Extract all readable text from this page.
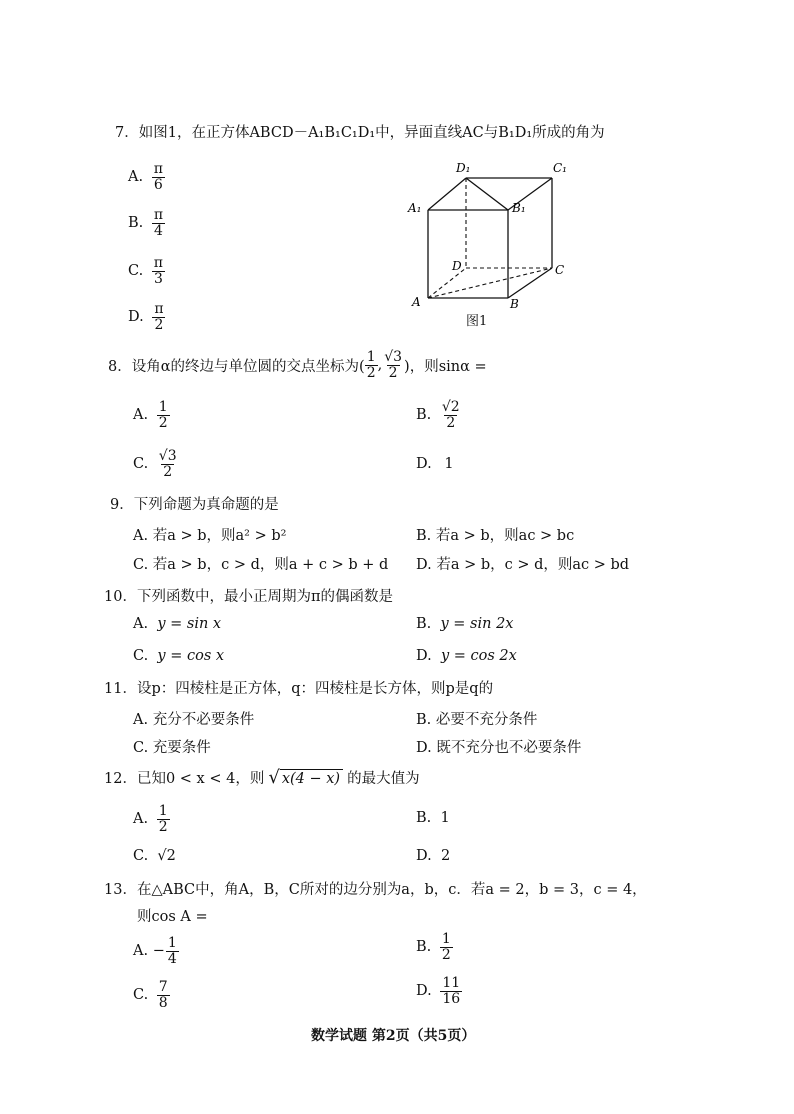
7．如图1，在正方体ABCD－A₁B₁C₁D₁中，异面直线AC与B₁D₁所成的角为
A. $\frac{\pi}{6}$
B. $\frac{\pi}{4}$
C. $\frac{\pi}{3}$
D. $\frac{\pi}{2}$	A	B
C
D
A₁	B₁
C₁
D₁
图1
8．设角α的终边与单位圆的交点坐标为( $\frac{1}{2}$ , $\frac{√3}{2}$ )，则sinα =
A. $\frac{1}{2}$	B. $\frac{√2}{2}$
C. $\frac{√3}{2}$	D. 1
9．下列命题为真命题的是
A. 若a > b，则a² > b²	B. 若a > b，则ac > bc
C. 若a > b，c > d，则a + c > b + d D. 若a > b，c > d，则ac > bd
10．下列函数中，最小正周期为π的偶函数是
A. y = sin x	B. y = sin 2x
C. y = cos x	D. y = cos 2x
11．设p：四棱柱是正方体，q：四棱柱是长方体，则p是q的
A. 充分不必要条件	B. 必要不充分条件
C. 充要条件	D. 既不充分也不必要条件
12．已知0 < x < 4，则 √ x(4 − x) 的最大值为
A. $\frac{1}{2}$	B. 1
C. √2	D. 2
13．在△ABC中，角A，B，C所对的边分别为a，b，c．若a = 2，b = 3，c = 4，
则cos A =
A. − $\frac{1}{4}$	B. $\frac{1}{2}$
C. $\frac{7}{8}$	D. $\frac{11}{16}$
数学试题 第2页（共5页）
